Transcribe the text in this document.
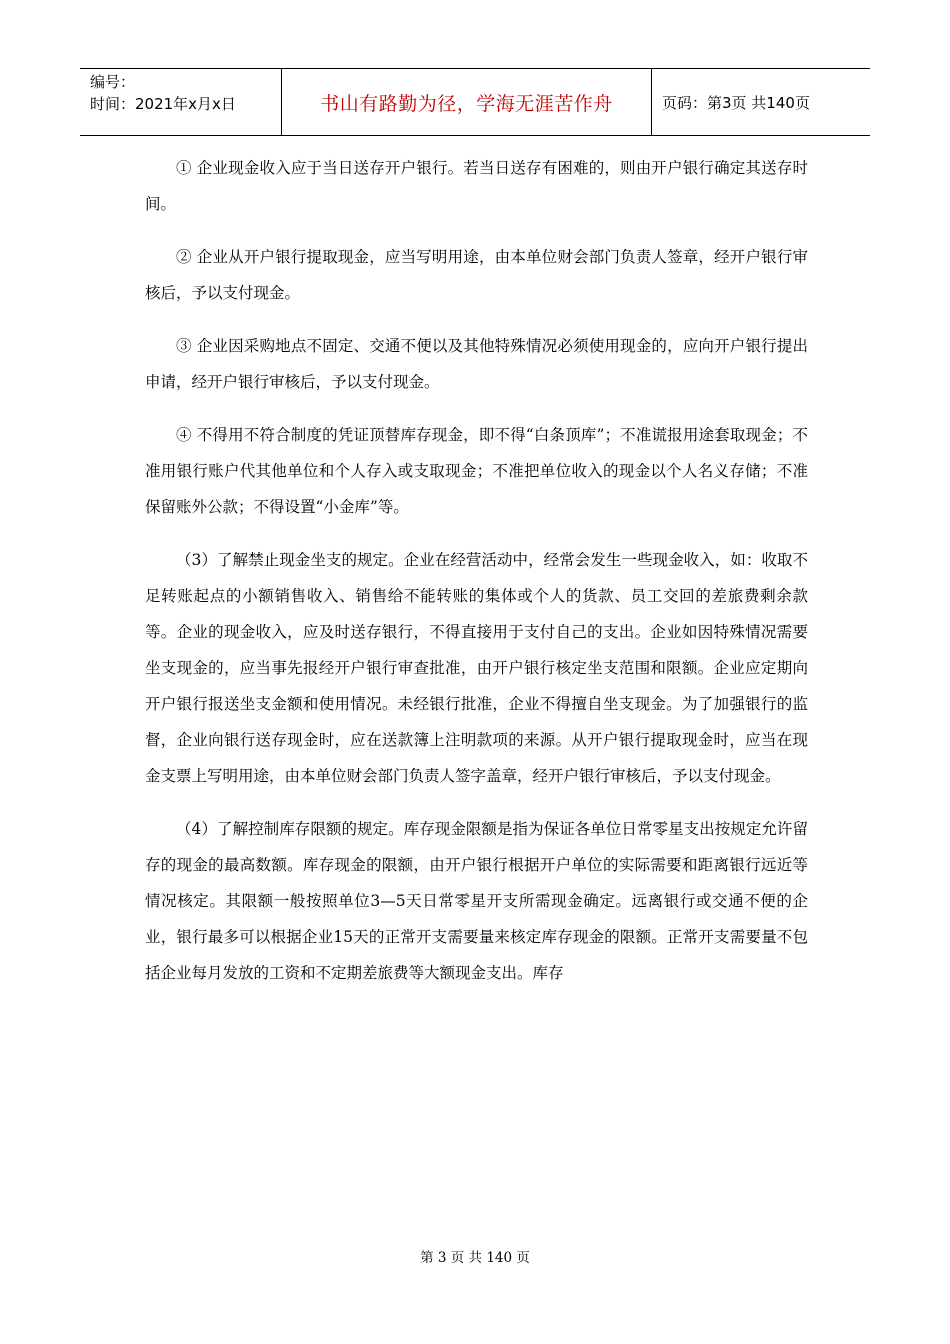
编号：
时间：2021年x月x日	书山有路勤为径，学海无涯苦作舟	页码：第3页 共140页

① 企业现金收入应于当日送存开户银行。若当日送存有困难的，则由开户银行确定其送存时间。

② 企业从开户银行提取现金，应当写明用途，由本单位财会部门负责人签章，经开户银行审核后，予以支付现金。

③ 企业因采购地点不固定、交通不便以及其他特殊情况必须使用现金的，应向开户银行提出申请，经开户银行审核后，予以支付现金。

④ 不得用不符合制度的凭证顶替库存现金，即不得“白条顶库”；不准谎报用途套取现金；不准用银行账户代其他单位和个人存入或支取现金；不准把单位收入的现金以个人名义存储；不准保留账外公款；不得设置“小金库”等。

（3）了解禁止现金坐支的规定。企业在经营活动中，经常会发生一些现金收入，如：收取不足转账起点的小额销售收入、销售给不能转账的集体或个人的货款、员工交回的差旅费剩余款等。企业的现金收入，应及时送存银行，不得直接用于支付自己的支出。企业如因特殊情况需要坐支现金的，应当事先报经开户银行审查批准，由开户银行核定坐支范围和限额。企业应定期向开户银行报送坐支金额和使用情况。未经银行批准，企业不得擅自坐支现金。为了加强银行的监督，企业向银行送存现金时，应在送款簿上注明款项的来源。从开户银行提取现金时，应当在现金支票上写明用途，由本单位财会部门负责人签字盖章，经开户银行审核后，予以支付现金。

（4）了解控制库存限额的规定。库存现金限额是指为保证各单位日常零星支出按规定允许留存的现金的最高数额。库存现金的限额，由开户银行根据开户单位的实际需要和距离银行远近等情况核定。其限额一般按照单位3—5天日常零星开支所需现金确定。远离银行或交通不便的企业，银行最多可以根据企业15天的正常开支需要量来核定库存现金的限额。正常开支需要量不包括企业每月发放的工资和不定期差旅费等大额现金支出。库存

第 3 页 共 140 页
